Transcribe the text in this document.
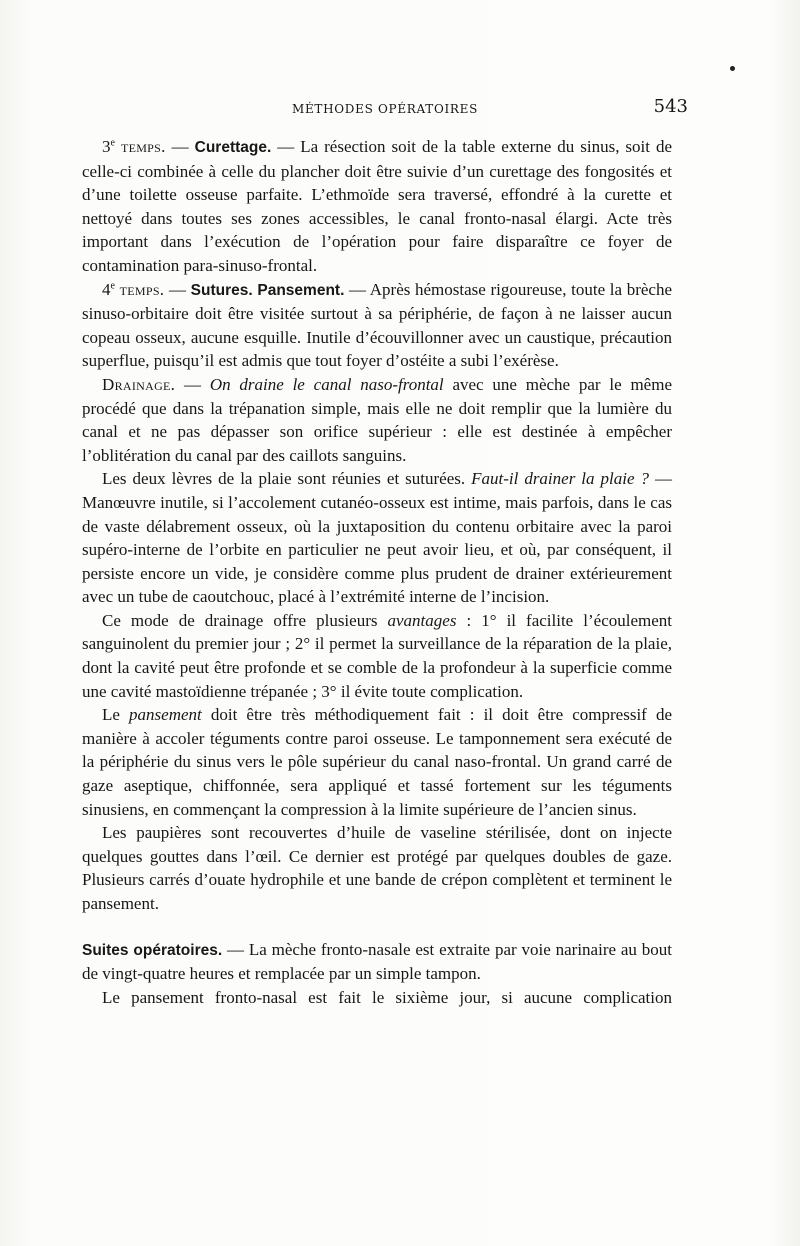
MÉTHODES OPÉRATOIRES	543

3e temps. — Curettage. — La résection soit de la table externe du sinus, soit de celle-ci combinée à celle du plancher doit être suivie d’un curettage des fongosités et d’une toilette osseuse parfaite. L’ethmoïde sera traversé, effondré à la curette et nettoyé dans toutes ses zones accessibles, le canal fronto-nasal élargi. Acte très important dans l’exécution de l’opération pour faire disparaître ce foyer de contamination para-sinuso-frontal.

4e temps. — Sutures. Pansement. — Après hémostase rigoureuse, toute la brèche sinuso-orbitaire doit être visitée surtout à sa périphérie, de façon à ne laisser aucun copeau osseux, aucune esquille. Inutile d’écouvillonner avec un caustique, précaution superflue, puisqu’il est admis que tout foyer d’ostéite a subi l’exérèse.

Drainage. — On draine le canal naso-frontal avec une mèche par le même procédé que dans la trépanation simple, mais elle ne doit remplir que la lumière du canal et ne pas dépasser son orifice supérieur : elle est destinée à empêcher l’oblitération du canal par des caillots sanguins.

Les deux lèvres de la plaie sont réunies et suturées. Faut-il drainer la plaie ? — Manœuvre inutile, si l’accolement cutanéo-osseux est intime, mais parfois, dans le cas de vaste délabrement osseux, où la juxtaposition du contenu orbitaire avec la paroi supéro-interne de l’orbite en particulier ne peut avoir lieu, et où, par conséquent, il persiste encore un vide, je considère comme plus prudent de drainer extérieurement avec un tube de caoutchouc, placé à l’extrémité interne de l’incision.

Ce mode de drainage offre plusieurs avantages : 1° il facilite l’écoulement sanguinolent du premier jour ; 2° il permet la surveillance de la réparation de la plaie, dont la cavité peut être profonde et se comble de la profondeur à la superficie comme une cavité mastoïdienne trépanée ; 3° il évite toute complication.

Le pansement doit être très méthodiquement fait : il doit être compressif de manière à accoler téguments contre paroi osseuse. Le tamponnement sera exécuté de la périphérie du sinus vers le pôle supérieur du canal naso-frontal. Un grand carré de gaze aseptique, chiffonnée, sera appliqué et tassé fortement sur les téguments sinusiens, en commençant la compression à la limite supérieure de l’ancien sinus.

Les paupières sont recouvertes d’huile de vaseline stérilisée, dont on injecte quelques gouttes dans l’œil. Ce dernier est protégé par quelques doubles de gaze. Plusieurs carrés d’ouate hydrophile et une bande de crépon complètent et terminent le pansement.

Suites opératoires. — La mèche fronto-nasale est extraite par voie narinaire au bout de vingt-quatre heures et remplacée par un simple tampon.

Le pansement fronto-nasal est fait le sixième jour, si aucune complication
